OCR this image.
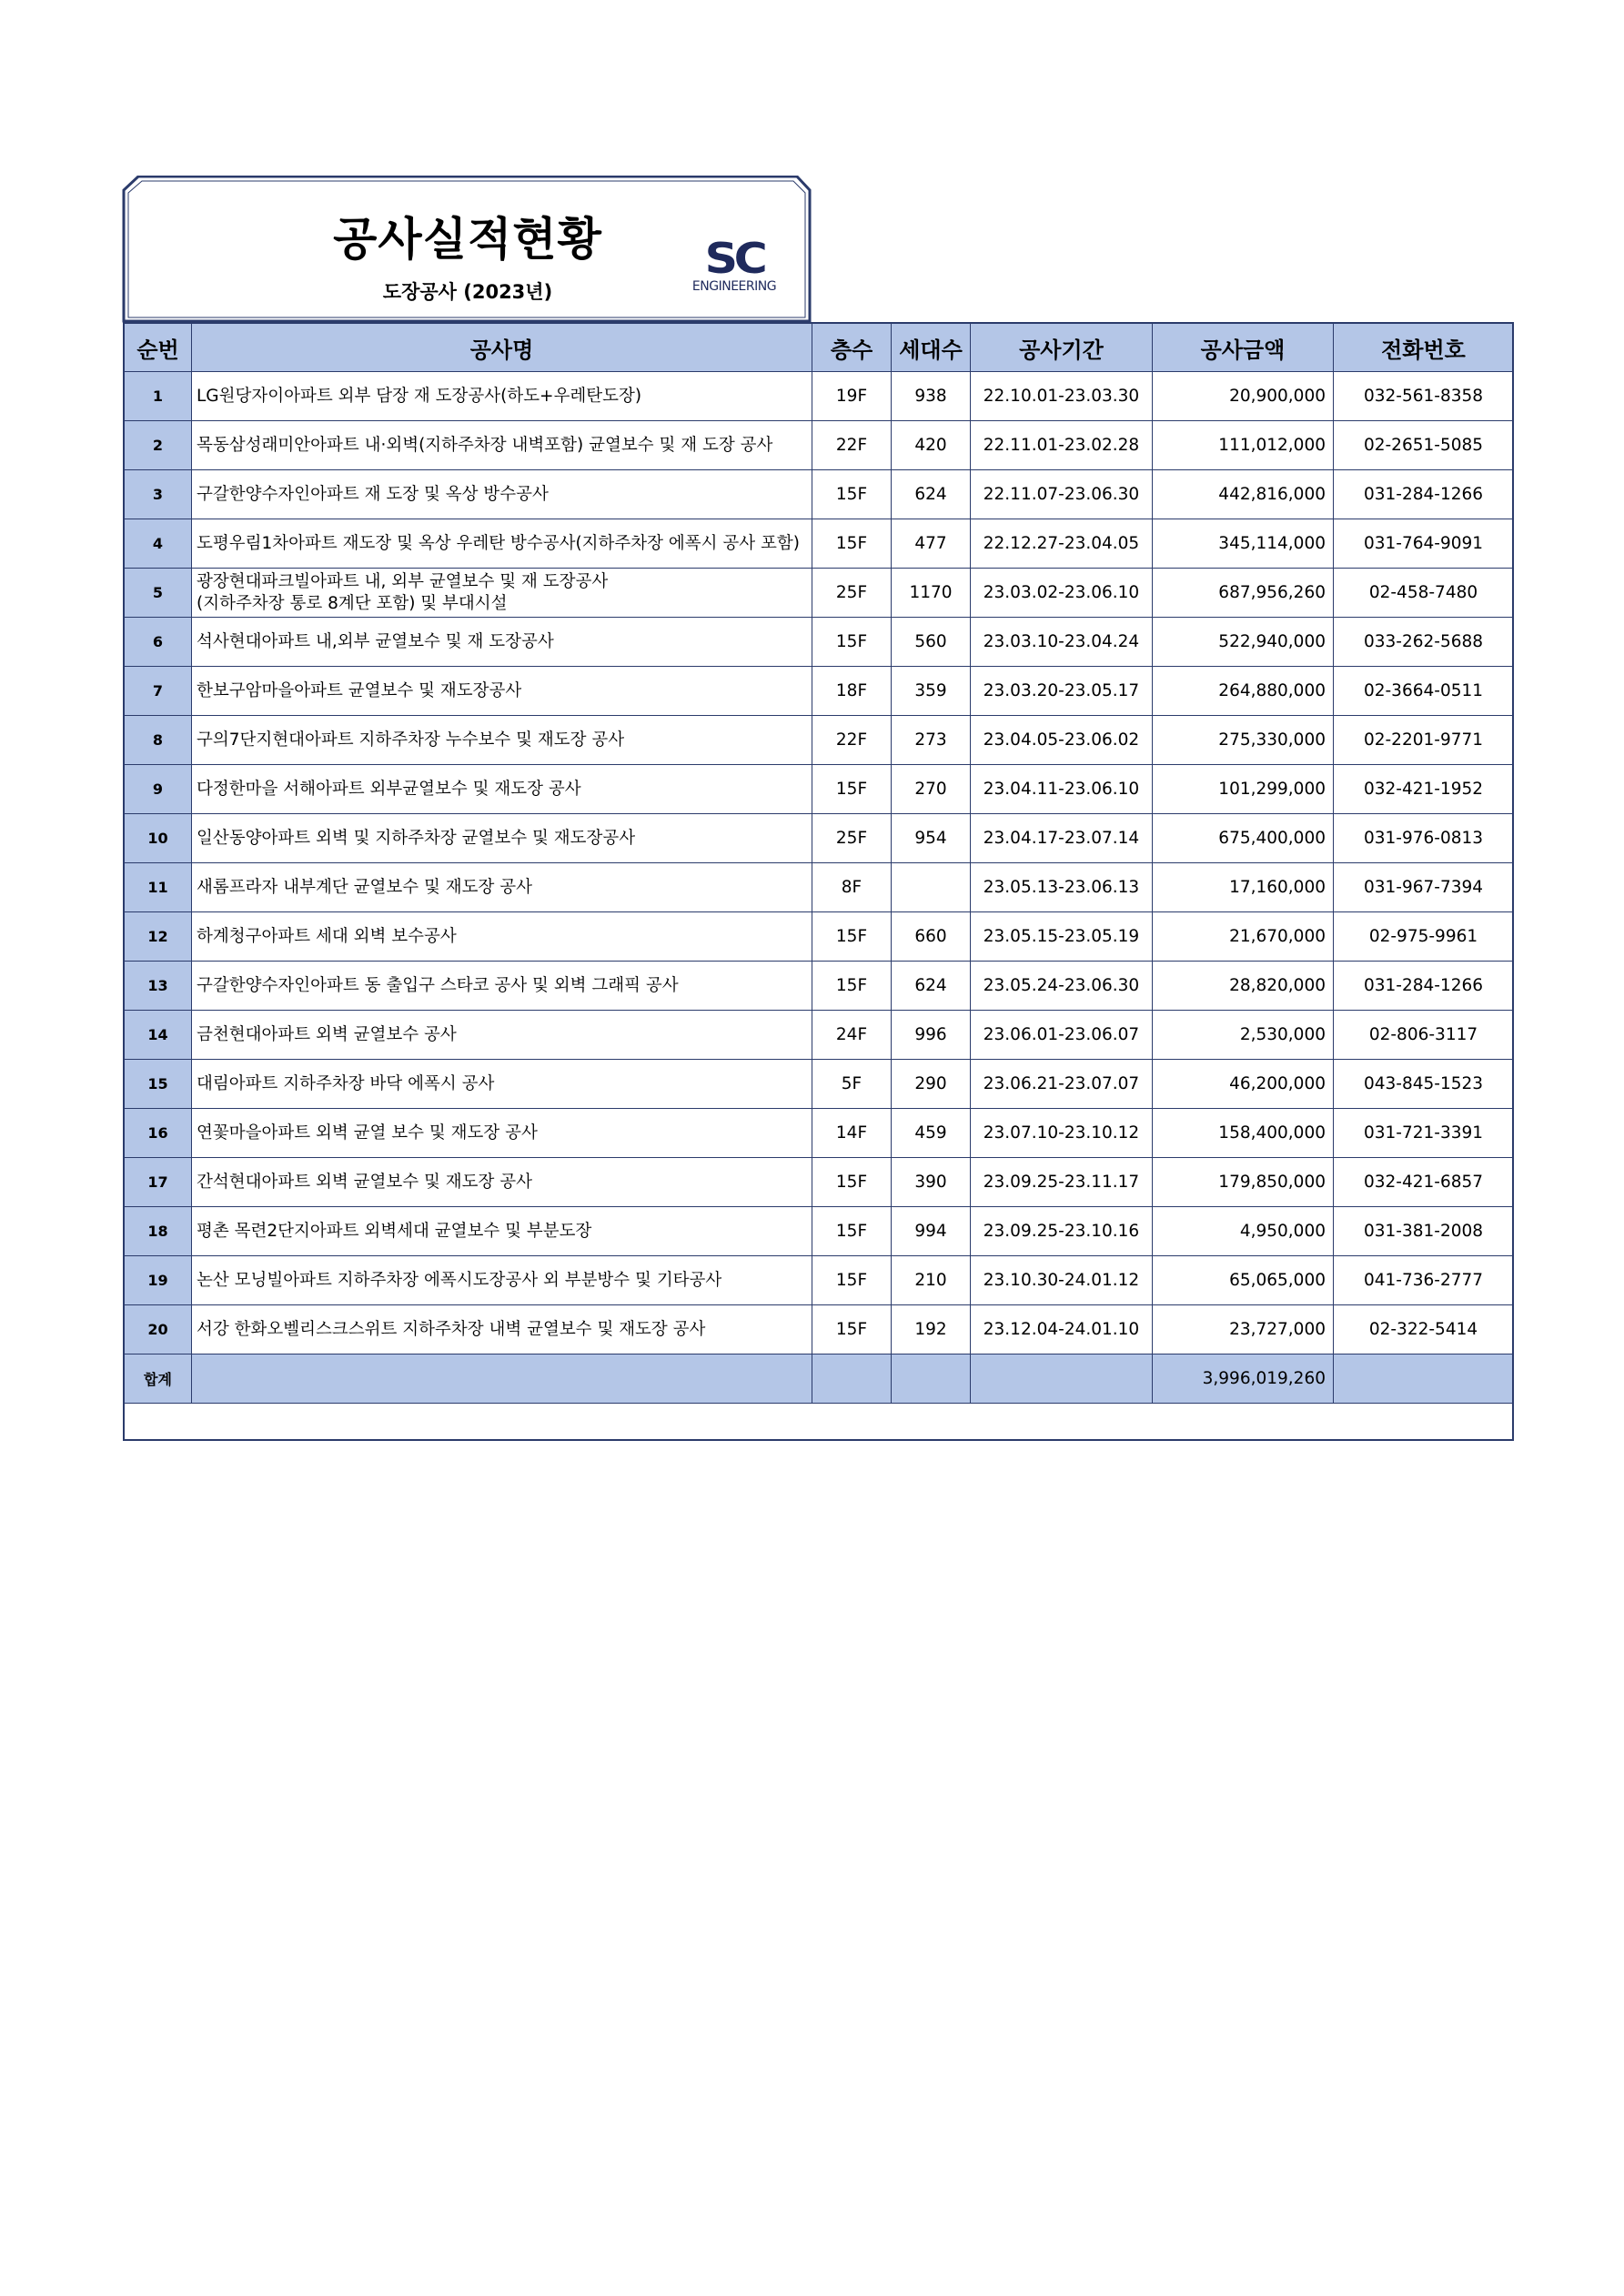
공사실적현황
도장공사 (2023년)
SC
ENGINEERING
순번	공사명	층수	세대수	공사기간	공사금액	전화번호
1	LG원당자이아파트 외부 담장 재 도장공사(하도+우레탄도장)	19F	938	22.10.01-23.03.30	20,900,000	032-561-8358
2	목동삼성래미안아파트 내·외벽(지하주차장 내벽포함) 균열보수 및 재 도장 공사	22F	420	22.11.01-23.02.28	111,012,000	02-2651-5085
3	구갈한양수자인아파트 재 도장 및 옥상 방수공사	15F	624	22.11.07-23.06.30	442,816,000	031-284-1266
4	도평우림1차아파트 재도장 및 옥상 우레탄 방수공사(지하주차장 에폭시 공사 포함)	15F	477	22.12.27-23.04.05	345,114,000	031-764-9091
5	광장현대파크빌아파트 내, 외부 균열보수 및 재 도장공사
(지하주차장 통로 8계단 포함) 및 부대시설	25F	1170	23.03.02-23.06.10	687,956,260	02-458-7480
6	석사현대아파트 내,외부 균열보수 및 재 도장공사	15F	560	23.03.10-23.04.24	522,940,000	033-262-5688
7	한보구암마을아파트 균열보수 및 재도장공사	18F	359	23.03.20-23.05.17	264,880,000	02-3664-0511
8	구의7단지현대아파트 지하주차장 누수보수 및 재도장 공사	22F	273	23.04.05-23.06.02	275,330,000	02-2201-9771
9	다정한마을 서해아파트 외부균열보수 및 재도장 공사	15F	270	23.04.11-23.06.10	101,299,000	032-421-1952
10	일산동양아파트 외벽 및 지하주차장 균열보수 및 재도장공사	25F	954	23.04.17-23.07.14	675,400,000	031-976-0813
11	새롬프라자 내부계단 균열보수 및 재도장 공사	8F		23.05.13-23.06.13	17,160,000	031-967-7394
12	하계청구아파트 세대 외벽 보수공사	15F	660	23.05.15-23.05.19	21,670,000	02-975-9961
13	구갈한양수자인아파트 동 출입구 스타코 공사 및 외벽 그래픽 공사	15F	624	23.05.24-23.06.30	28,820,000	031-284-1266
14	금천현대아파트 외벽 균열보수 공사	24F	996	23.06.01-23.06.07	2,530,000	02-806-3117
15	대림아파트 지하주차장 바닥 에폭시 공사	5F	290	23.06.21-23.07.07	46,200,000	043-845-1523
16	연꽃마을아파트 외벽 균열 보수 및 재도장 공사	14F	459	23.07.10-23.10.12	158,400,000	031-721-3391
17	간석현대아파트 외벽 균열보수 및 재도장 공사	15F	390	23.09.25-23.11.17	179,850,000	032-421-6857
18	평촌 목련2단지아파트 외벽세대 균열보수 및 부분도장	15F	994	23.09.25-23.10.16	4,950,000	031-381-2008
19	논산 모닝빌아파트 지하주차장 에폭시도장공사 외 부분방수 및 기타공사	15F	210	23.10.30-24.01.12	65,065,000	041-736-2777
20	서강 한화오벨리스크스위트 지하주차장 내벽 균열보수 및 재도장 공사	15F	192	23.12.04-24.01.10	23,727,000	02-322-5414
합계					3,996,019,260	
